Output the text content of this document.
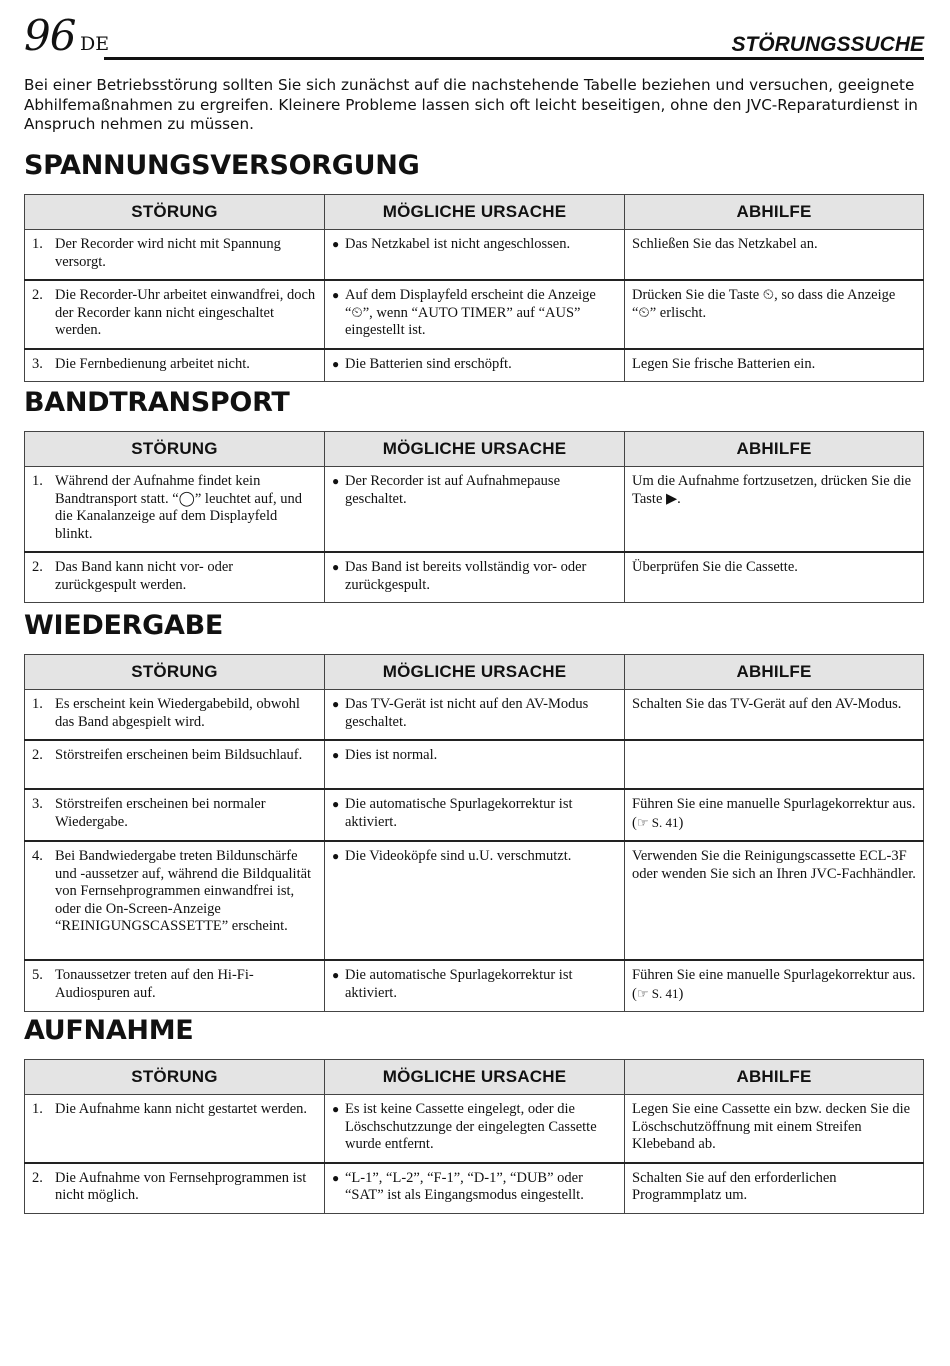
96 DE	STÖRUNGSSUCHE

Bei einer Betriebsstörung sollten Sie sich zunächst auf die nachstehende Tabelle beziehen und versuchen, geeignete Abhilfemaßnahmen zu ergreifen. Kleinere Probleme lassen sich oft leicht beseitigen, ohne den JVC-Reparaturdienst in Anspruch nehmen zu müssen.

SPANNUNGSVERSORGUNG
STÖRUNG	MÖGLICHE URSACHE	ABHILFE

1. Der Recorder wird nicht mit Spannung versorgt.	● Das Netzkabel ist nicht angeschlossen.	Schließen Sie das Netzkabel an.

2. Die Recorder-Uhr arbeitet einwandfrei, doch der Recorder kann nicht eingeschaltet werden.	● Auf dem Displayfeld erscheint die Anzeige “⏲”, wenn “AUTO TIMER” auf “AUS” eingestellt ist.	Drücken Sie die Taste ⏲, so dass die Anzeige “⏲” erlischt.

3. Die Fernbedienung arbeitet nicht.	● Die Batterien sind erschöpft.	Legen Sie frische Batterien ein.
BANDTRANSPORT
STÖRUNG	MÖGLICHE URSACHE	ABHILFE

1. Während der Aufnahme findet kein Bandtransport statt. “◯” leuchtet auf, und die Kanalanzeige auf dem Displayfeld blinkt.	● Der Recorder ist auf Aufnahmepause geschaltet.	Um die Aufnahme fortzusetzen, drücken Sie die Taste ▶.

2. Das Band kann nicht vor- oder zurückgespult werden.	● Das Band ist bereits vollständig vor- oder zurückgespult.	Überprüfen Sie die Cassette.
WIEDERGABE
STÖRUNG	MÖGLICHE URSACHE	ABHILFE

1. Es erscheint kein Wiedergabebild, obwohl das Band abgespielt wird.	● Das TV-Gerät ist nicht auf den AV-Modus geschaltet.	Schalten Sie das TV-Gerät auf den AV-Modus.

2. Störstreifen erscheinen beim Bildsuchlauf.	● Dies ist normal.	

3. Störstreifen erscheinen bei normaler Wiedergabe.	● Die automatische Spurlagekorrektur ist aktiviert.	Führen Sie eine manuelle Spurlagekorrektur aus. (☞ S. 41)

4. Bei Bandwiedergabe treten Bildunschärfe und -aussetzer auf, während die Bildqualität von Fernsehprogrammen einwandfrei ist, oder die On-Screen-Anzeige “REINIGUNGSCASSETTE” erscheint.	● Die Videoköpfe sind u.U. verschmutzt.	Verwenden Sie die Reinigungscassette ECL-3F oder wenden Sie sich an Ihren JVC-Fachhändler.

5. Tonaussetzer treten auf den Hi-Fi-Audiospuren auf.	● Die automatische Spurlagekorrektur ist aktiviert.	Führen Sie eine manuelle Spurlagekorrektur aus. (☞ S. 41)
AUFNAHME
STÖRUNG	MÖGLICHE URSACHE	ABHILFE

1. Die Aufnahme kann nicht gestartet werden.	● Es ist keine Cassette eingelegt, oder die Löschschutzzunge der eingelegten Cassette wurde entfernt.	Legen Sie eine Cassette ein bzw. decken Sie die Löschschutzöffnung mit einem Streifen Klebeband ab.

2. Die Aufnahme von Fernsehprogrammen ist nicht möglich.	● “L-1”, “L-2”, “F-1”, “D-1”, “DUB” oder “SAT” ist als Eingangsmodus eingestellt.	Schalten Sie auf den erforderlichen Programmplatz um.
